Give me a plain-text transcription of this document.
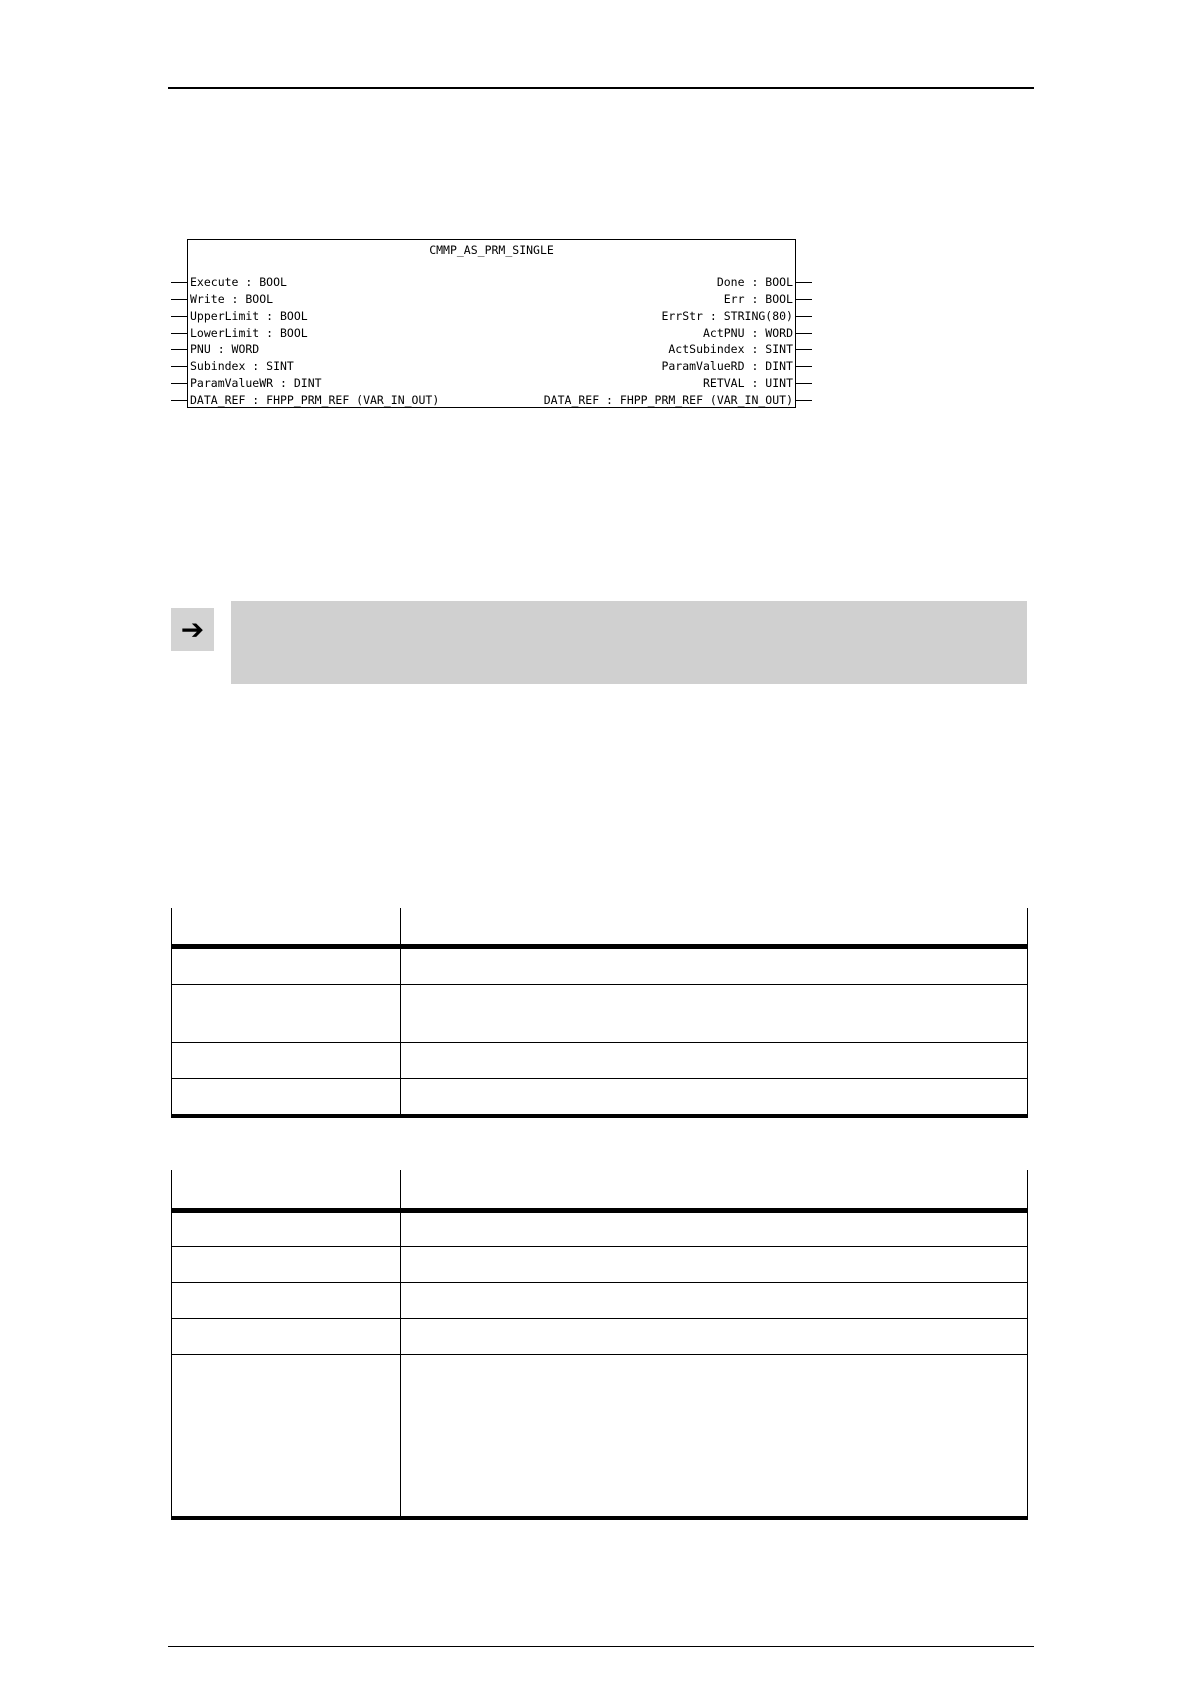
CMMP_AS_PRM_SINGLE
Execute : BOOL
Write : BOOL
UpperLimit : BOOL
LowerLimit : BOOL
PNU : WORD
Subindex : SINT
ParamValueWR : DINT
DATA_REF : FHPP_PRM_REF (VAR_IN_OUT)
Done : BOOL
Err : BOOL
ErrStr : STRING(80)
ActPNU : WORD
ActSubindex : SINT
ParamValueRD : DINT
RETVAL : UINT
DATA_REF : FHPP_PRM_REF (VAR_IN_OUT)
➔
